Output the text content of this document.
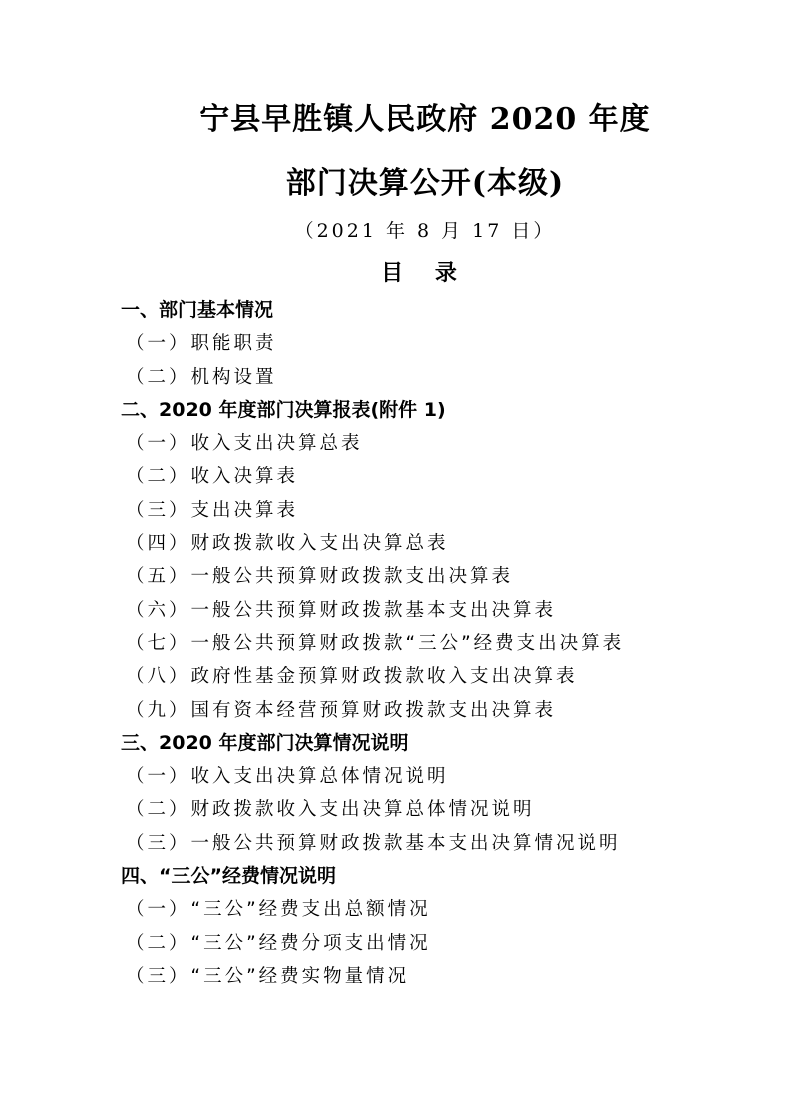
宁县早胜镇人民政府 2020 年度
部门决算公开(本级)
（2021 年 8 月 17 日）
目 录
一、部门基本情况
（一）职能职责
（二）机构设置
二、2020 年度部门决算报表(附件 1)
（一）收入支出决算总表
（二）收入决算表
（三）支出决算表
（四）财政拨款收入支出决算总表
（五）一般公共预算财政拨款支出决算表
（六）一般公共预算财政拨款基本支出决算表
（七）一般公共预算财政拨款“三公”经费支出决算表
（八）政府性基金预算财政拨款收入支出决算表
（九）国有资本经营预算财政拨款支出决算表
三、2020 年度部门决算情况说明
（一）收入支出决算总体情况说明
（二）财政拨款收入支出决算总体情况说明
（三）一般公共预算财政拨款基本支出决算情况说明
四、“三公”经费情况说明
（一）“三公”经费支出总额情况
（二）“三公”经费分项支出情况
（三）“三公”经费实物量情况
